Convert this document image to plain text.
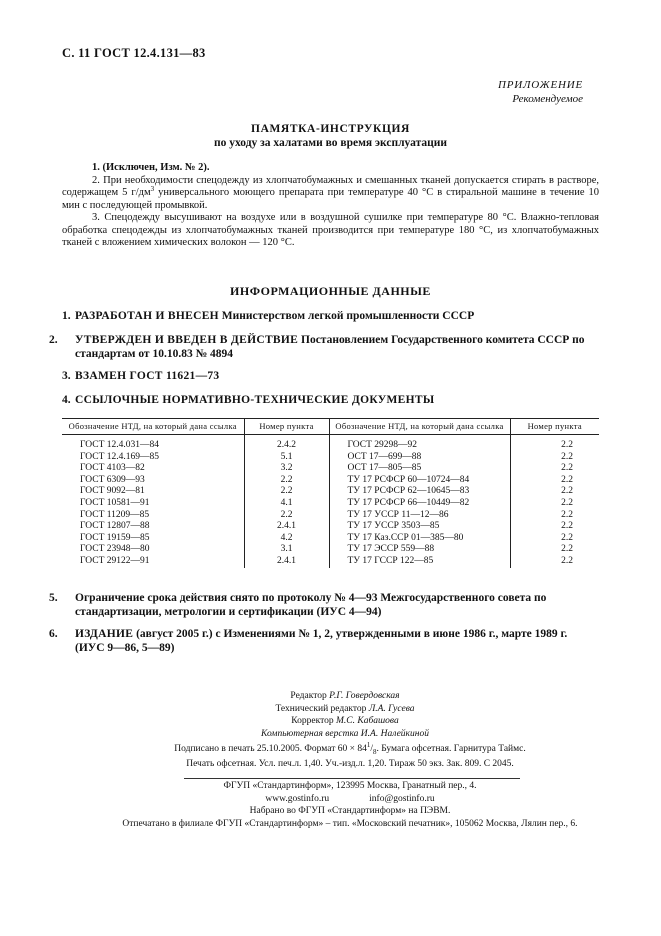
С. 11 ГОСТ 12.4.131—83
ПРИЛОЖЕНИЕ
Рекомендуемое
ПАМЯТКА-ИНСТРУКЦИЯ
по уходу за халатами во время эксплуатации
1. (Исключен, Изм. № 2).
2. При необходимости спецодежду из хлопчатобумажных и смешанных тканей допускается стирать в растворе, содержащем 5 $г/дм^3$ универсального моющего препарата при температуре 40 °С в стиральной машине в течение 10 мин с последующей промывкой.
3. Спецодежду высушивают на воздухе или в воздушной сушилке при температуре 80 °С. Влажно-тепловая обработка спецодежды из хлопчатобумажных тканей производится при температуре 180 °С, из хлопчатобумажных тканей с вложением химических волокон — 120 °С.
ИНФОРМАЦИОННЫЕ ДАННЫЕ
1. РАЗРАБОТАН И ВНЕСЕН Министерством легкой промышленности СССР
2. УТВЕРЖДЕН И ВВЕДЕН В ДЕЙСТВИЕ Постановлением Государственного комитета СССР по стандартам от 10.10.83 № 4894
3. ВЗАМЕН ГОСТ 11621—73
4. ССЫЛОЧНЫЕ НОРМАТИВНО-ТЕХНИЧЕСКИЕ ДОКУМЕНТЫ
Обозначение НТД, на который дана ссылка	Номер пункта	Обозначение НТД, на который дана ссылка	Номер пункта
ГОСТ 12.4.031—84	2.4.2	ГОСТ 29298—92	2.2
ГОСТ 12.4.169—85	5.1	ОСТ 17—699—88	2.2
ГОСТ 4103—82	3.2	ОСТ 17—805—85	2.2
ГОСТ 6309—93	2.2	ТУ 17 РСФСР 60—10724—84	2.2
ГОСТ 9092—81	2.2	ТУ 17 РСФСР 62—10645—83	2.2
ГОСТ 10581—91	4.1	ТУ 17 РСФСР 66—10449—82	2.2
ГОСТ 11209—85	2.2	ТУ 17 УССР 11—12—86	2.2
ГОСТ 12807—88	2.4.1	ТУ 17 УССР 3503—85	2.2
ГОСТ 19159—85	4.2	ТУ 17 Каз.ССР 01—385—80	2.2
ГОСТ 23948—80	3.1	ТУ 17 ЭССР 559—88	2.2
ГОСТ 29122—91	2.4.1	ТУ 17 ГССР 122—85	2.2
5. Ограничение срока действия снято по протоколу № 4—93 Межгосударственного совета по стандартизации, метрологии и сертификации (ИУС 4—94)
6. ИЗДАНИЕ (август 2005 г.) с Изменениями № 1, 2, утвержденными в июне 1986 г., марте 1989 г. (ИУС 9—86, 5—89)
Редактор Р.Г. Говердовская
Технический редактор Л.А. Гусева
Корректор М.С. Кабашова
Компьютерная верстка И.А. Налейкиной
Подписано в печать 25.10.2005. Формат $60 \times 84^1/_8$. Бумага офсетная. Гарнитура Таймс.
Печать офсетная. Усл. печ.л. 1,40. Уч.-изд.л. 1,20. Тираж 50 экз. Зак. 809. С 2045.
ФГУП «Стандартинформ», 123995 Москва, Гранатный пер., 4.
www.gostinfo.ru	info@gostinfo.ru
Набрано во ФГУП «Стандартинформ» на ПЭВМ.
Отпечатано в филиале ФГУП «Стандартинформ» – тип. «Московский печатник», 105062 Москва, Лялин пер., 6.
